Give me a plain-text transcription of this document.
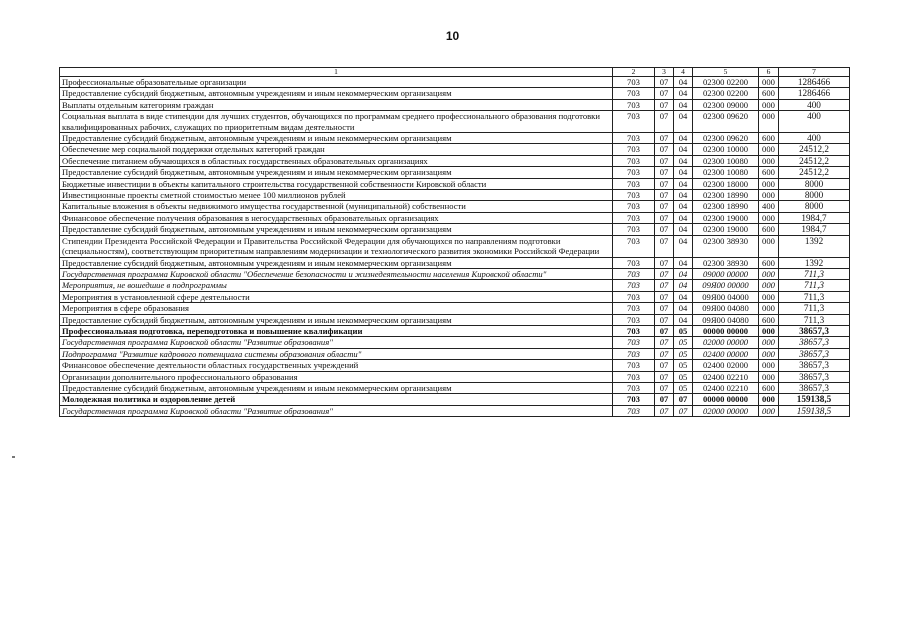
10
1	2	3	4	5	6	7
Профессиональные образовательные организации	703	07	04	02300 02200	000	1286466
Предоставление субсидий бюджетным, автономным учреждениям и иным некоммерческим организациям	703	07	04	02300 02200	600	1286466
Выплаты отдельным категориям граждан	703	07	04	02300 09000	000	400
Социальная выплата в виде стипендии для лучших студентов, обучающихся по программам среднего профессионального образования подготовки квалифицированных рабочих, служащих по приоритетным видам деятельности	703	07	04	02300 09620	000	400
Предоставление субсидий бюджетным, автономным учреждениям и иным некоммерческим организациям	703	07	04	02300 09620	600	400
Обеспечение мер социальной поддержки отдельных категорий граждан	703	07	04	02300 10000	000	24512,2
Обеспечение питанием обучающихся в областных государственных образовательных организациях	703	07	04	02300 10080	000	24512,2
Предоставление субсидий бюджетным, автономным учреждениям и иным некоммерческим организациям	703	07	04	02300 10080	600	24512,2
Бюджетные инвестиции в объекты капитального строительства государственной собственности Кировской области	703	07	04	02300 18000	000	8000
Инвестиционные проекты сметной стоимостью менее 100 миллионов рублей	703	07	04	02300 18990	000	8000
Капитальные вложения в объекты недвижимого имущества государственной (муниципальной) собственности	703	07	04	02300 18990	400	8000
Финансовое обеспечение получения образования в негосударственных образовательных организациях	703	07	04	02300 19000	000	1984,7
Предоставление субсидий бюджетным, автономным учреждениям и иным некоммерческим организациям	703	07	04	02300 19000	600	1984,7
Стипендии Президента Российской Федерации и Правительства Российской Федерации для обучающихся по направлениям подготовки (специальностям), соответствующим приоритетным направлениям модернизации и технологического развития экономики Российской Федерации	703	07	04	02300 38930	000	1392
Предоставление субсидий бюджетным, автономным учреждениям и иным некоммерческим организациям	703	07	04	02300 38930	600	1392
Государственная программа Кировской области "Обеспечение безопасности и жизнедеятельности населения Кировской области"	703	07	04	09000 00000	000	711,3
Мероприятия, не вошедшие в подпрограммы	703	07	04	09Я00 00000	000	711,3
Мероприятия в установленной сфере деятельности	703	07	04	09Я00 04000	000	711,3
Мероприятия в сфере образования	703	07	04	09Я00 04080	000	711,3
Предоставление субсидий бюджетным, автономным учреждениям и иным некоммерческим организациям	703	07	04	09Я00 04080	600	711,3
Профессиональная подготовка, переподготовка и повышение квалификации	703	07	05	00000 00000	000	38657,3
Государственная программа Кировской области "Развитие образования"	703	07	05	02000 00000	000	38657,3
Подпрограмма "Развитие кадрового потенциала системы образования области"	703	07	05	02400 00000	000	38657,3
Финансовое обеспечение деятельности областных государственных учреждений	703	07	05	02400 02000	000	38657,3
Организации дополнительного профессионального образования	703	07	05	02400 02210	000	38657,3
Предоставление субсидий бюджетным, автономным учреждениям и иным некоммерческим организациям	703	07	05	02400 02210	600	38657,3
Молодежная политика и оздоровление детей	703	07	07	00000 00000	000	159138,5
Государственная программа Кировской области "Развитие образования"	703	07	07	02000 00000	000	159138,5
